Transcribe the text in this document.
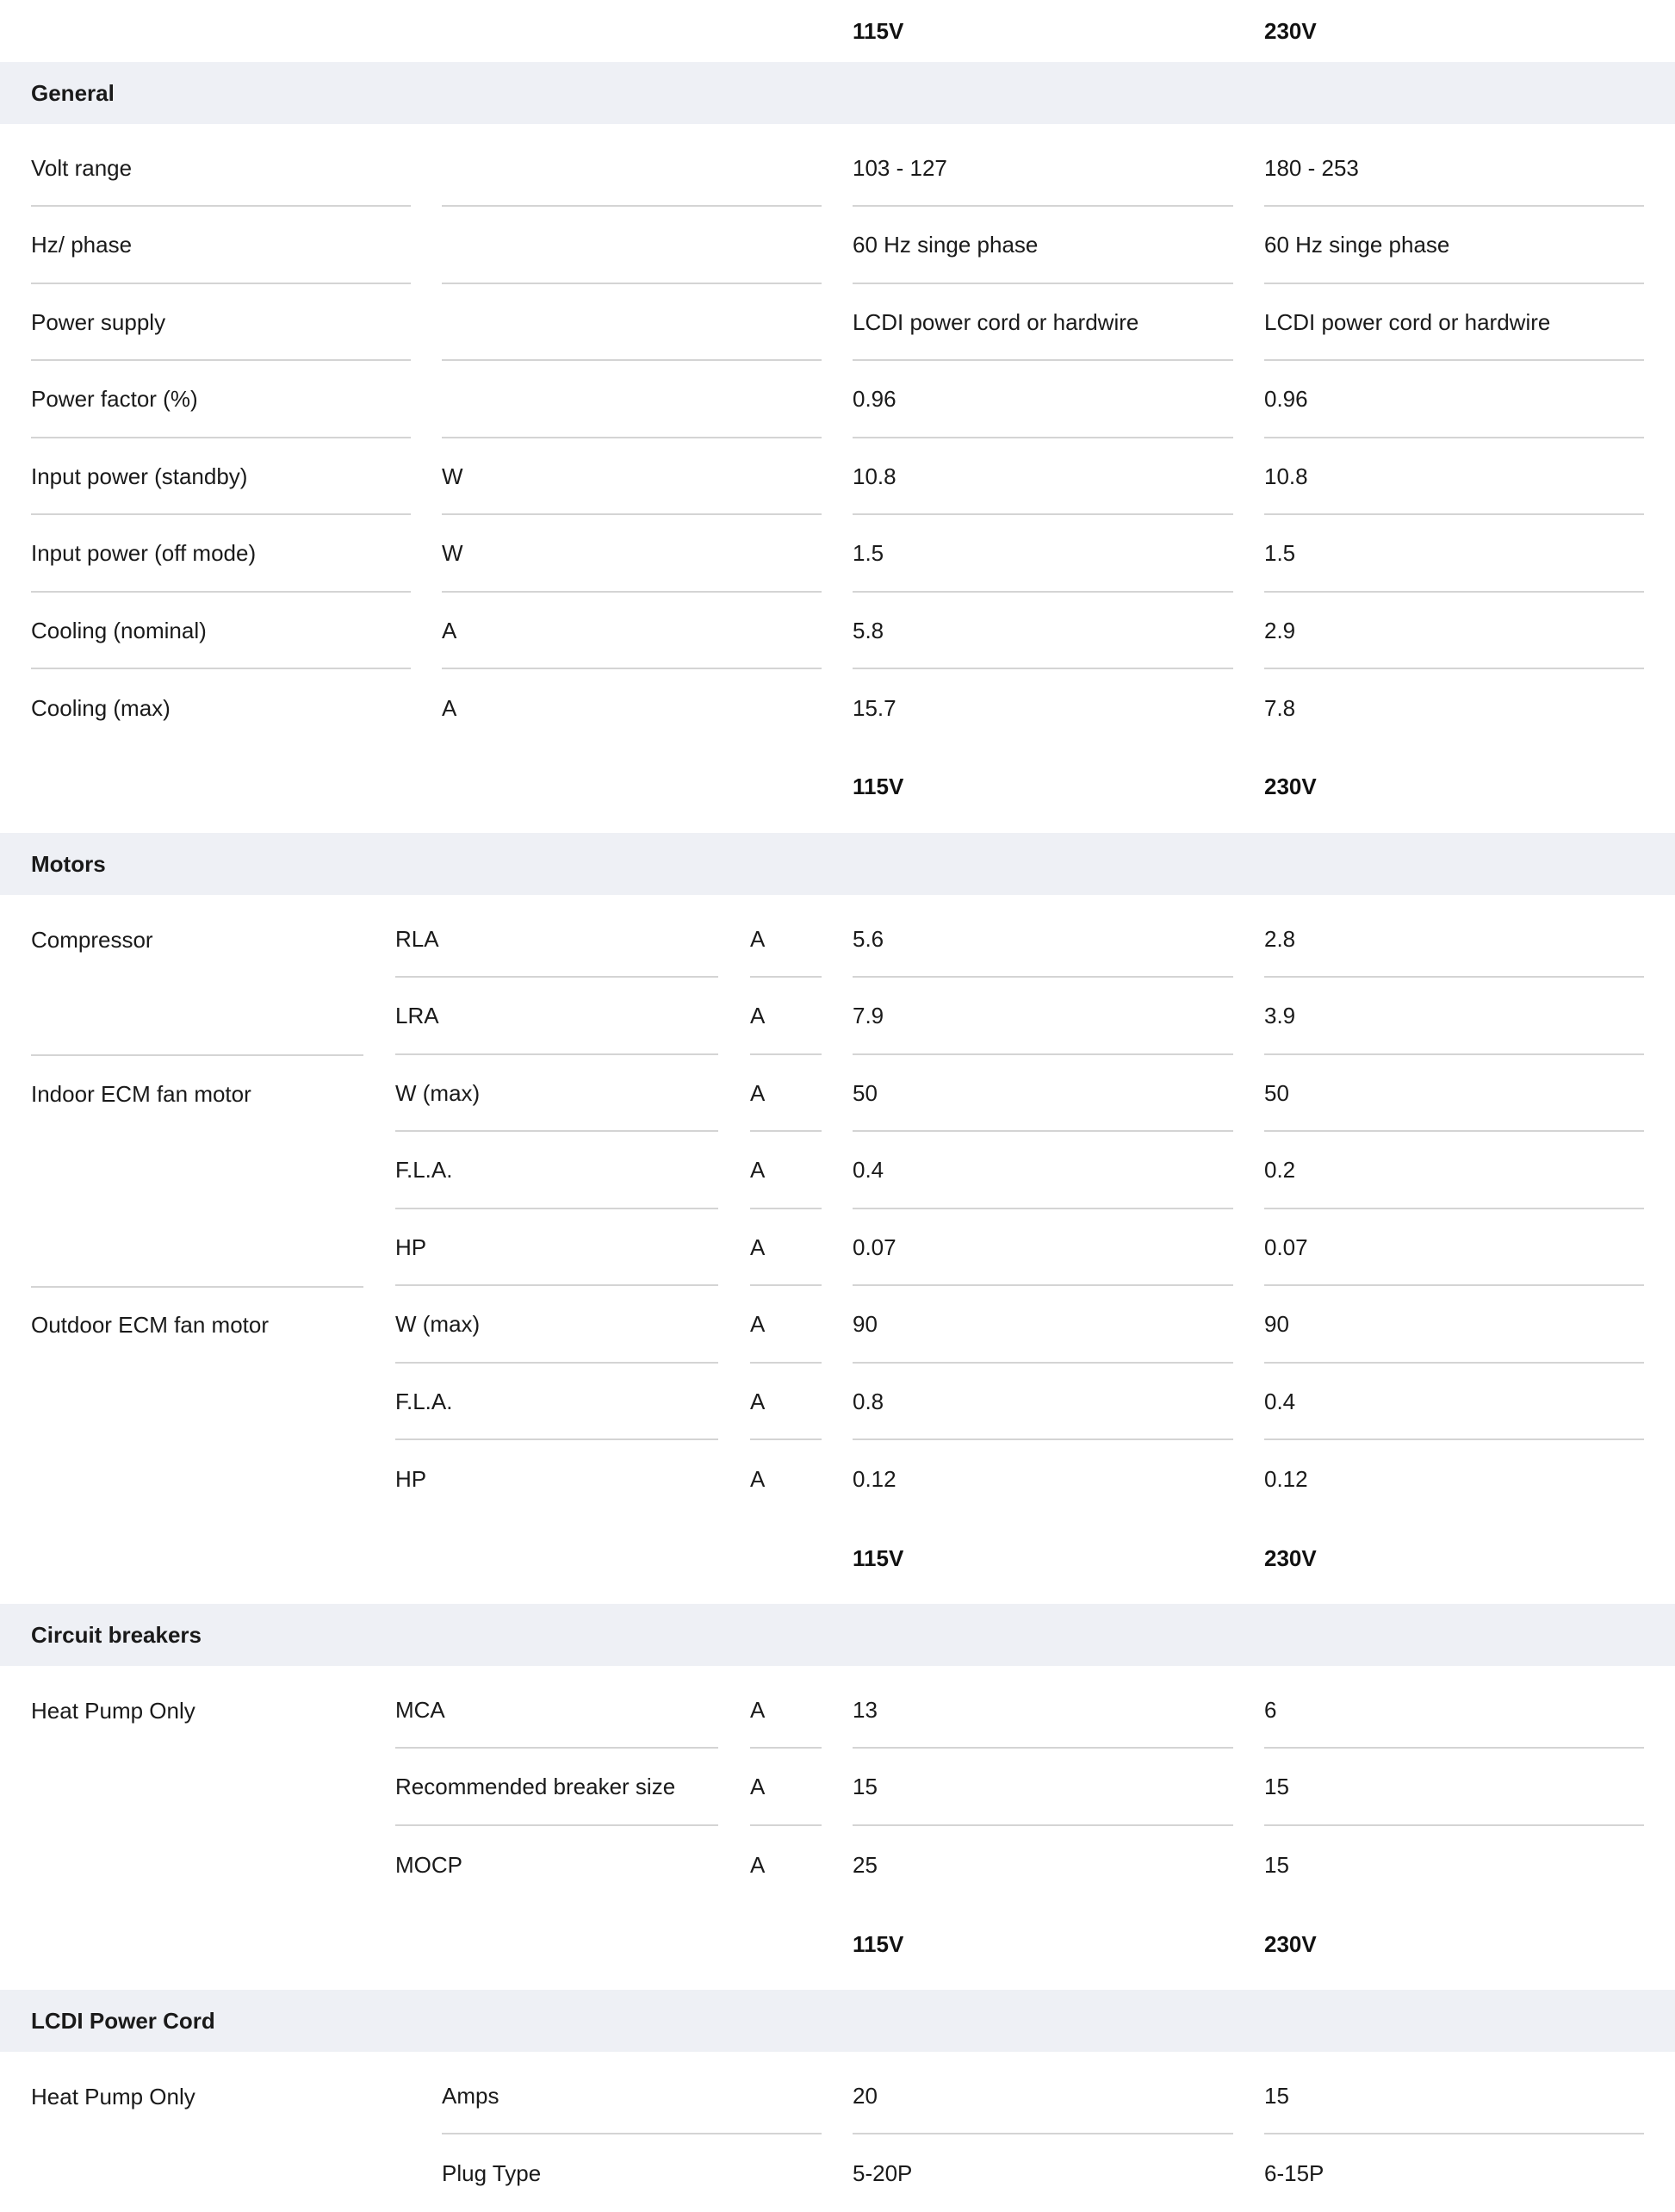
115V	230V
General
Volt range	103 - 127	180 - 253
Hz/ phase	60 Hz singe phase	60 Hz singe phase
Power supply	LCDI power cord or hardwire	LCDI power cord or hardwire
Power factor (%)	0.96	0.96
Input power (standby)	W	10.8	10.8
Input power (off mode)	W	1.5	1.5
Cooling (nominal)	A	5.8	2.9
Cooling (max)	A	15.7	7.8
115V	230V
Motors
Compressor	RLA	A	5.6	2.8
LRA	A	7.9	3.9
Indoor ECM fan motor	W (max)	A	50	50
F.L.A.	A	0.4	0.2
HP	A	0.07	0.07
Outdoor ECM fan motor	W (max)	A	90	90
F.L.A.	A	0.8	0.4
HP	A	0.12	0.12
115V	230V
Circuit breakers
Heat Pump Only	MCA	A	13	6
Recommended breaker size	A	15	15
MOCP	A	25	15
115V	230V
LCDI Power Cord
Heat Pump Only	Amps	20	15
Plug Type	5-20P	6-15P
